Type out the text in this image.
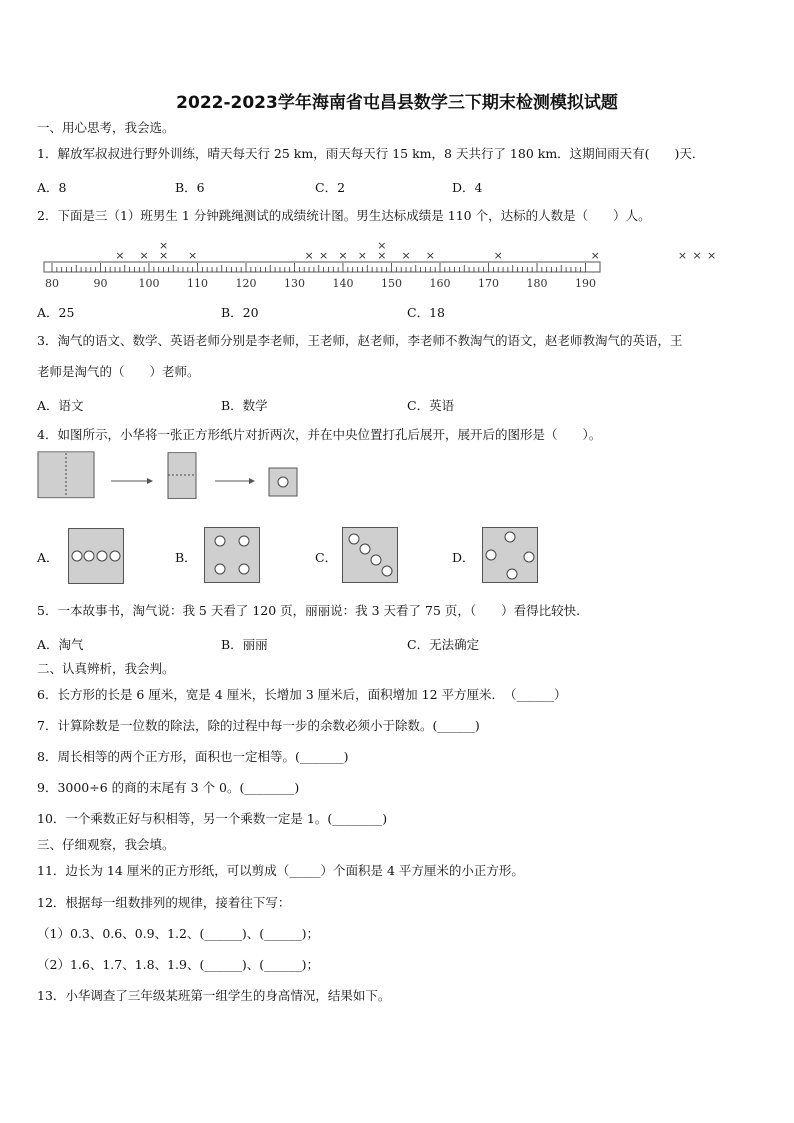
2022-2023学年海南省屯昌县数学三下期末检测模拟试题
一、用心思考，我会选。
1．解放军叔叔进行野外训练，晴天每天行 25 km，雨天每天行 15 km，8 天共行了 180 km．这期间雨天有(　　)天．
A．8	B．6	C．2	D．4
2．下面是三（1）班男生 1 分钟跳绳测试的成绩统计图。男生达标成绩是 110 个，达标的人数是（　　）人。
80	90	100	110	120	130	140	150	160	170	180	190
× × ×
×
×	× × × × ×
×
× ×	×	×	× × ×
A．25	B．20	C．18
3．淘气的语文、数学、英语老师分别是李老师，王老师，赵老师，李老师不教淘气的语文，赵老师教淘气的英语，王
老师是淘气的（　　）老师。
A．语文	B．数学	C．英语
4．如图所示，小华将一张正方形纸片对折两次，并在中央位置打孔后展开，展开后的图形是（　　）。
A．	B．	C．	D．
5．一本故事书，淘气说：我 5 天看了 120 页，丽丽说：我 3 天看了 75 页，（　　）看得比较快.
A．淘气	B．丽丽	C．无法确定
二、认真辨析，我会判。
6．长方形的长是 6 厘米，宽是 4 厘米，长增加 3 厘米后，面积增加 12 平方厘米．　（______）
7．计算除数是一位数的除法，除的过程中每一步的余数必须小于除数。(______)
8．周长相等的两个正方形，面积也一定相等。(_______)
9．3000÷6 的商的末尾有 3 个 0。(________)
10．一个乘数正好与积相等，另一个乘数一定是 1。(________)
三、仔细观察，我会填。
11．边长为 14 厘米的正方形纸，可以剪成（_____）个面积是 4 平方厘米的小正方形。
12．根据每一组数排列的规律，接着往下写：
（1）0.3、0.6、0.9、1.2、(______)、(______)；
（2）1.6、1.7、1.8、1.9、(______)、(______)；
13．小华调查了三年级某班第一组学生的身高情况，结果如下。
